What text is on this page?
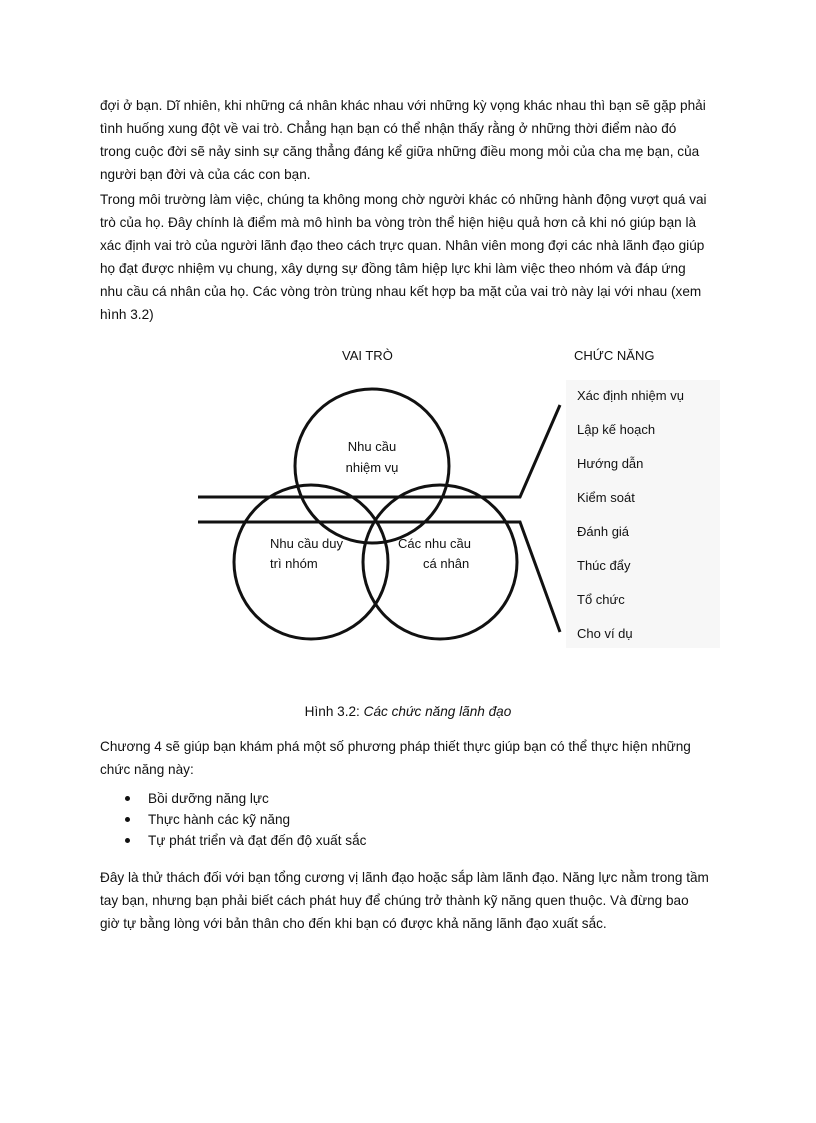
đợi ở bạn. Dĩ nhiên, khi những cá nhân khác nhau với những kỳ vọng khác nhau thì bạn sẽ gặp phải
tình huống xung đột về vai trò. Chẳng hạn bạn có thể nhận thấy rằng ở những thời điểm nào đó
trong cuộc đời sẽ nảy sinh sự căng thẳng đáng kể giữa những điều mong mỏi của cha mẹ bạn, của
người bạn đời và của các con bạn.

Trong môi trường làm việc, chúng ta không mong chờ người khác có những hành động vượt quá vai
trò của họ. Đây chính là điểm mà mô hình ba vòng tròn thể hiện hiệu quả hơn cả khi nó giúp bạn là
xác định vai trò của người lãnh đạo theo cách trực quan. Nhân viên mong đợi các nhà lãnh đạo giúp
họ đạt được nhiệm vụ chung, xây dựng sự đồng tâm hiệp lực khi làm việc theo nhóm và đáp ứng
nhu cầu cá nhân của họ. Các vòng tròn trùng nhau kết hợp ba mặt của vai trò này lại với nhau (xem
hình 3.2)

VAI TRÒ	CHỨC NĂNG
Nhu cầu
nhiệm vụ
Nhu cầu duy
trì nhóm
Các nhu cầu
cá nhân
Xác định nhiệm vụ
Lập kế hoạch
Hướng dẫn
Kiểm soát
Đánh giá
Thúc đẩy
Tổ chức
Cho ví dụ
Hình 3.2: Các chức năng lãnh đạo

Chương 4 sẽ giúp bạn khám phá một số phương pháp thiết thực giúp bạn có thể thực hiện những
chức năng này:

Bồi dưỡng năng lực
Thực hành các kỹ năng
Tự phát triển và đạt đến độ xuất sắc

Đây là thử thách đối với bạn tổng cương vị lãnh đạo hoặc sắp làm lãnh đạo. Năng lực nằm trong tầm
tay bạn, nhưng bạn phải biết cách phát huy để chúng trở thành kỹ năng quen thuộc. Và đừng bao
giờ tự bằng lòng với bản thân cho đến khi bạn có được khả năng lãnh đạo xuất sắc.
